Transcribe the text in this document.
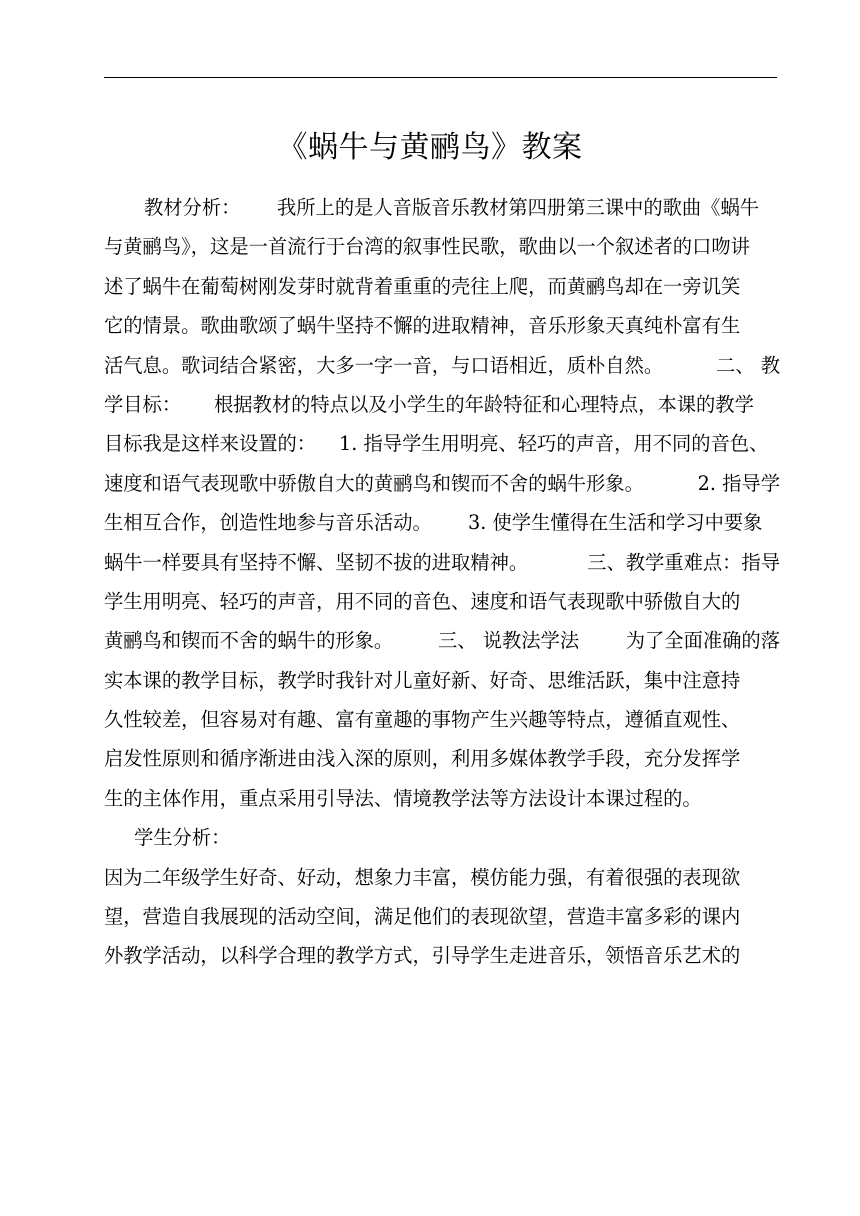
《蜗牛与黄鹂鸟》教案
教材分析： 我所上的是人音版音乐教材第四册第三课中的歌曲《蜗牛
与黄鹂鸟》，这是一首流行于台湾的叙事性民歌，歌曲以一个叙述者的口吻讲
述了蜗牛在葡萄树刚发芽时就背着重重的壳往上爬，而黄鹂鸟却在一旁讥笑
它的情景。歌曲歌颂了蜗牛坚持不懈的进取精神，音乐形象天真纯朴富有生
活气息。歌词结合紧密，大多一字一音，与口语相近，质朴自然。	二、 教
学目标： 根据教材的特点以及小学生的年龄特征和心理特点，本课的教学
目标我是这样来设置的： 1. 指导学生用明亮、轻巧的声音，用不同的音色、
速度和语气表现歌中骄傲自大的黄鹂鸟和锲而不舍的蜗牛形象。	2. 指导学
生相互合作，创造性地参与音乐活动。 3. 使学生懂得在生活和学习中要象
蜗牛一样要具有坚持不懈、坚韧不拔的进取精神。	三、教学重难点：指导
学生用明亮、轻巧的声音，用不同的音色、速度和语气表现歌中骄傲自大的
黄鹂鸟和锲而不舍的蜗牛的形象。 三、 说教法学法 为了全面准确的落
实本课的教学目标，教学时我针对儿童好新、好奇、思维活跃，集中注意持
久性较差，但容易对有趣、富有童趣的事物产生兴趣等特点，遵循直观性、
启发性原则和循序渐进由浅入深的原则，利用多媒体教学手段，充分发挥学
生的主体作用，重点采用引导法、情境教学法等方法设计本课过程的。
学生分析：
因为二年级学生好奇、好动，想象力丰富，模仿能力强，有着很强的表现欲
望，营造自我展现的活动空间，满足他们的表现欲望，营造丰富多彩的课内
外教学活动，以科学合理的教学方式，引导学生走进音乐，领悟音乐艺术的
